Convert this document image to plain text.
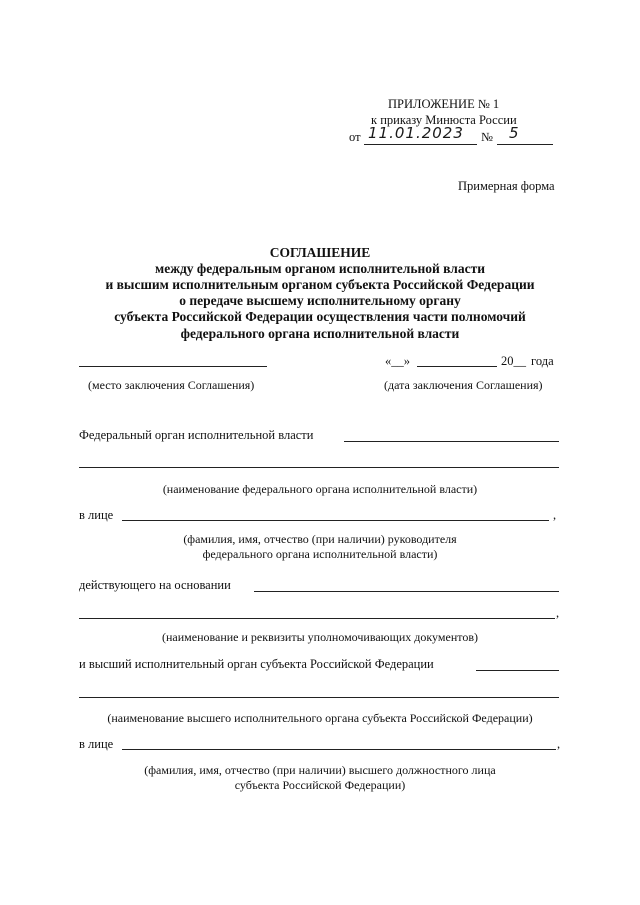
ПРИЛОЖЕНИЕ № 1
к приказу Минюста России
от 11.01.2023 № 5
Примерная форма
СОГЛАШЕНИЕ
между федеральным органом исполнительной власти
и высшим исполнительным органом субъекта Российской Федерации
о передаче высшему исполнительному органу
субъекта Российской Федерации осуществления части полномочий
федерального органа исполнительной власти
«__»	20__ года
(место заключения Соглашения)	(дата заключения Соглашения)
Федеральный орган исполнительной власти
(наименование федерального органа исполнительной власти)
в лице	,
(фамилия, имя, отчество (при наличии) руководителя
федерального органа исполнительной власти)
действующего на основании
,
(наименование и реквизиты уполномочивающих документов)
и высший исполнительный орган субъекта Российской Федерации
(наименование высшего исполнительного органа субъекта Российской Федерации)
в лице	,
(фамилия, имя, отчество (при наличии) высшего должностного лица
субъекта Российской Федерации)
